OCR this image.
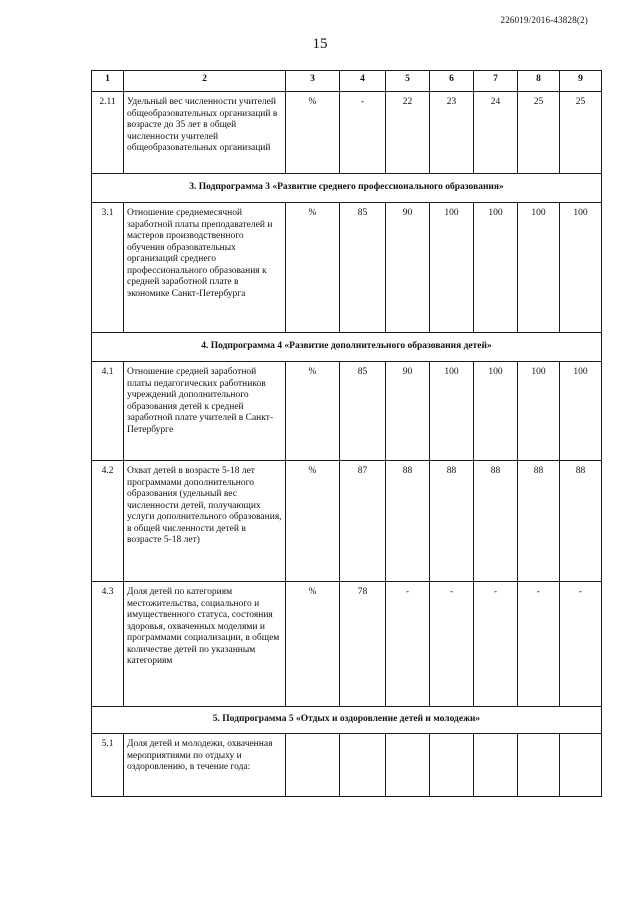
226019/2016-43828(2)
15
1	2	3	4	5	6	7	8	9
2.11	Удельный вес численности учителей общеобразовательных организаций в возрасте до 35 лет в общей численности учителей общеобразовательных организаций	%	-	22	23	24	25	25
3. Подпрограмма 3 «Развитие среднего профессионального образования»								
3.1	Отношение среднемесячной заработной платы преподавателей и мастеров производственного обучения образовательных организаций среднего профессионального образования к средней заработной плате в экономике Санкт-Петербурга	%	85	90	100	100	100	100
4. Подпрограмма 4 «Развитие дополнительного образования детей»								
4.1	Отношение средней заработной платы педагогических работников учреждений дополнительного образования детей к средней заработной плате учителей в Санкт-Петербурге	%	85	90	100	100	100	100
4.2	Охват детей в возрасте 5-18 лет программами дополнительного образования (удельный вес численности детей, получающих услуги дополнительного образования, в общей численности детей в возрасте 5-18 лет)	%	87	88	88	88	88	88
4.3	Доля детей по категориям местожительства, социального и имущественного статуса, состояния здоровья, охваченных моделями и программами социализации, в общем количестве детей по указанным категориям	%	78	-	-	-	-	-
5. Подпрограмма 5 «Отдых и оздоровление детей и молодежи»								
5.1	Доля детей и молодежи, охваченная мероприятиями по отдыху и оздоровлению, в течение года:							
